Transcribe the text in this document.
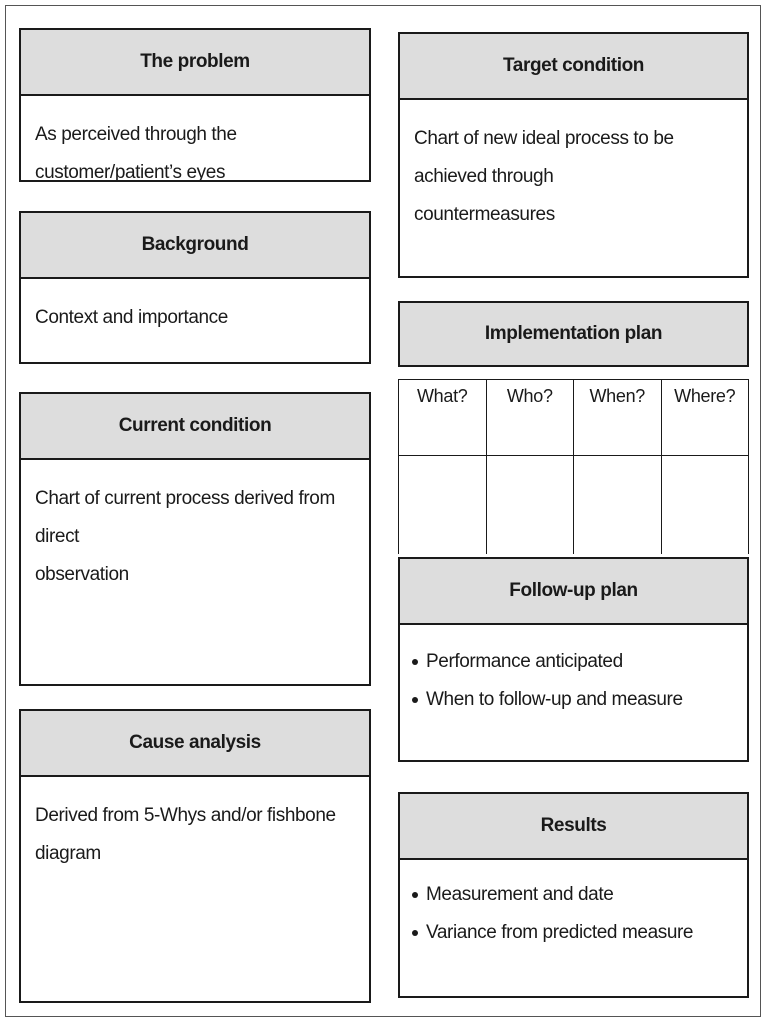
The problem
As perceived through the customer/patient’s eyes
Background
Context and importance
Current condition
Chart of current process derived from direct
observation
Cause analysis
Derived from 5-Whys and/or fishbone diagram
Target condition
Chart of new ideal process to be achieved through
countermeasures
Implementation plan
What?	Who?	When?	Where?

Follow-up plan
Performance anticipated
When to follow-up and measure
Results
Measurement and date
Variance from predicted measure
